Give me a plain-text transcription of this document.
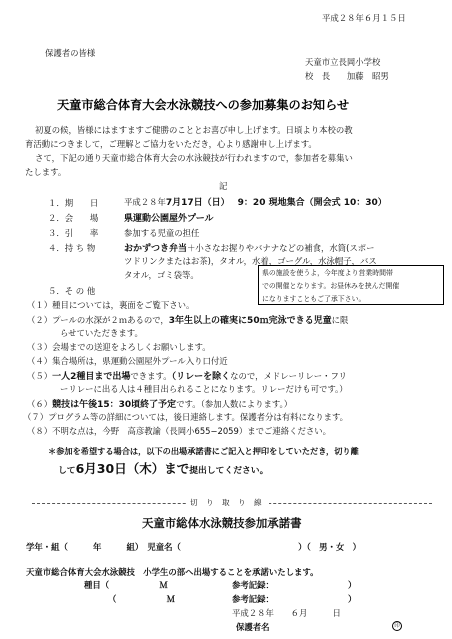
平成２８年６月１５日
保護者の皆様
天童市立長岡小学校
校　長　　加藤　昭男
天童市総合体育大会水泳競技への参加募集のお知らせ
初夏の候，皆様にはますますご健勝のこととお喜び申し上げます。日頃より本校の教
育活動につきまして，ご理解とご協力をいただき，心より感謝申し上げます。
さて，下記の通り天童市総合体育大会の水泳競技が行われますので，参加者を募集い
たします。
記
１．期　　日	平成２８年7月17日（日） 9：20 現地集合（開会式 10：30）
２．会　　場	県運動公園屋外プール
３．引　　率	参加する児童の担任
４．持 ち 物	おかずつき弁当＋小さなお握りやバナナなどの補食，水筒(スポー
ツドリンクまたはお茶)，タオル，水着，ゴーグル，水泳帽子，バス
タオル，ゴミ袋等。	県の施設を使うよ，今年度より営業時間帯
での開催となります。お昼休みを挟んだ開催
になりますこともご了承下さい。
５．そ の 他
（１）種目については，裏面をご覧下さい。
（２）プールの水深が２ｍあるので，3年生以上の確実に50ｍ完泳できる児童に限
らせていただきます。
（３）会場までの送迎をよろしくお願いします。
（４）集合場所は，県運動公園屋外プール入り口付近
（５）一人2種目まで出場できます。（リレーを除くなので，メドレーリレー・フリ
ーリレーに出る人は４種目出られることになります。リレーだけも可です。）
（６）競技は午後15：30頃終了予定です。（参加人数によります。）
（７）プログラム等の詳細については，後日連絡します。保護者分は有料になります。
（８）不明な点は，今野　高彦教諭（長岡小655−2059）までご連絡ください。
＊参加を希望する場合は，以下の出場承諾書にご記入と押印をしていただき，切り離
して6月30日（木）まで提出してください。
切 り 取 り 線
天童市総体水泳競技参加承諾書
学年・組（　　　年　　　組）　児童名（　　　　　　　　　　　　　　）（　男・女　）
天童市総合体育大会水泳競技　小学生の部へ出場することを承諾いたします。
種目（　　　　　　Ｍ	参考記録：	）
（　　　　　　Ｍ	参考記録：	）
平成２８年　　６月　　　日
保護者名	印
